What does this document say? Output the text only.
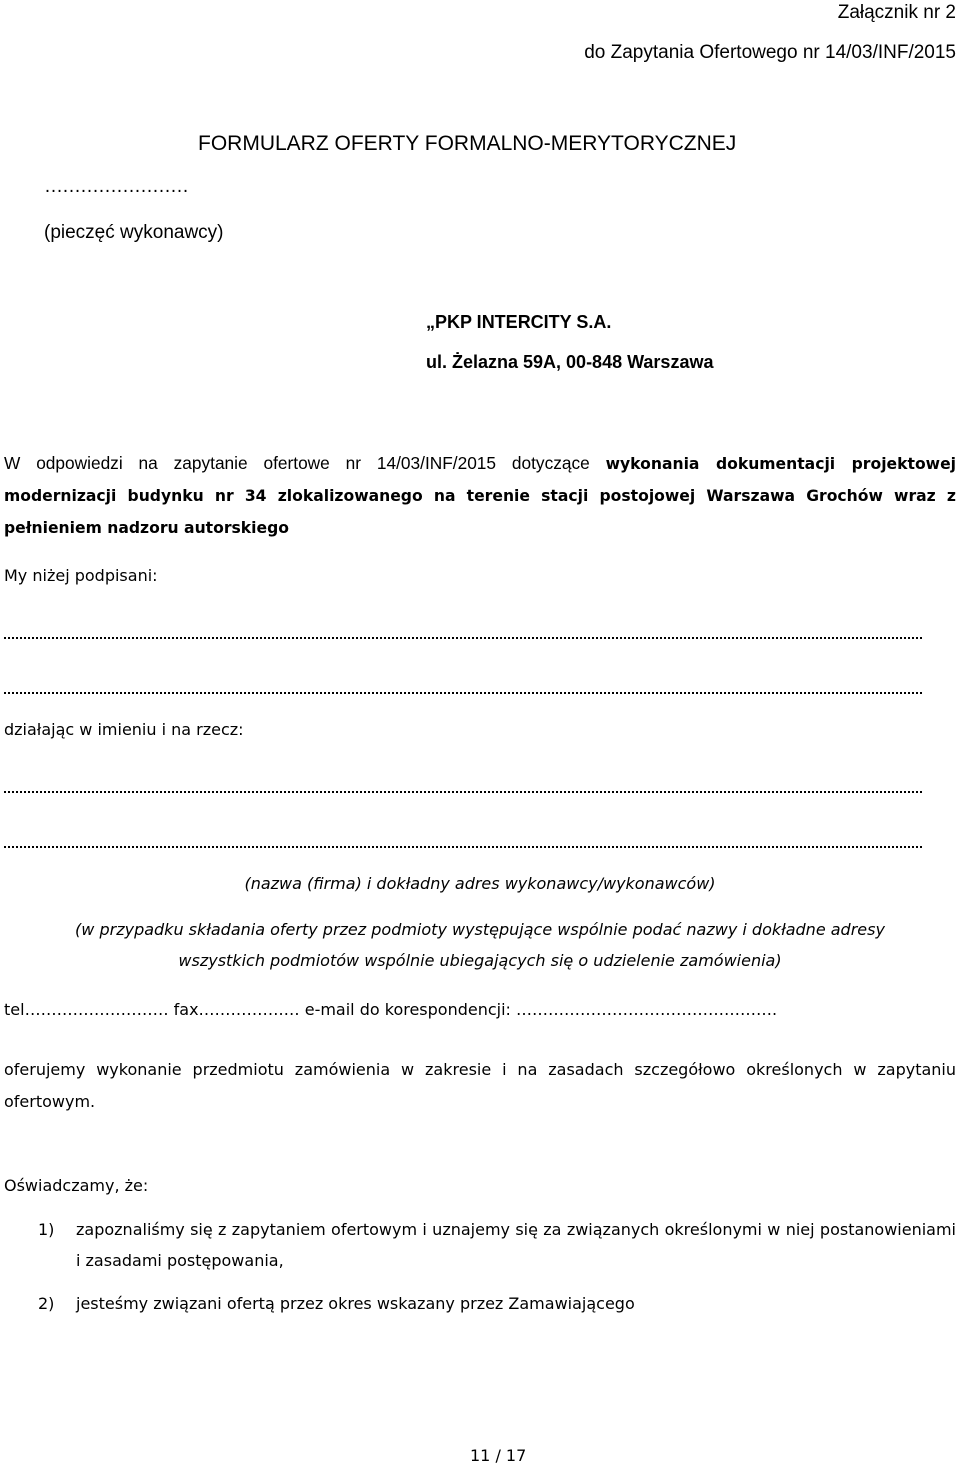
Załącznik nr 2
do Zapytania Ofertowego nr 14/03/INF/2015
FORMULARZ OFERTY FORMALNO-MERYTORYCZNEJ
……………………
(pieczęć wykonawcy)
„PKP INTERCITY S.A.
ul. Żelazna 59A, 00-848 Warszawa
W odpowiedzi na zapytanie ofertowe nr 14/03/INF/2015 dotyczące wykonania dokumentacji projektowej modernizacji budynku nr 34 zlokalizowanego na terenie stacji postojowej Warszawa Grochów wraz z pełnieniem nadzoru autorskiego
My niżej podpisani:
działając w imieniu i na rzecz:
(nazwa (firma) i dokładny adres wykonawcy/wykonawców)
(w przypadku składania oferty przez podmioty występujące wspólnie podać nazwy i dokładne adresy wszystkich podmiotów wspólnie ubiegających się o udzielenie zamówienia)
tel……………………… fax…………….… e-mail do korespondencji: ………………………………………….
oferujemy wykonanie przedmiotu zamówienia w zakresie i na zasadach szczegółowo określonych w zapytaniu ofertowym.
Oświadczamy, że:
1) zapoznaliśmy się z zapytaniem ofertowym i uznajemy się za związanych określonymi w niej postanowieniami i zasadami postępowania,
2) jesteśmy związani ofertą przez okres wskazany przez Zamawiającego
11 / 17
